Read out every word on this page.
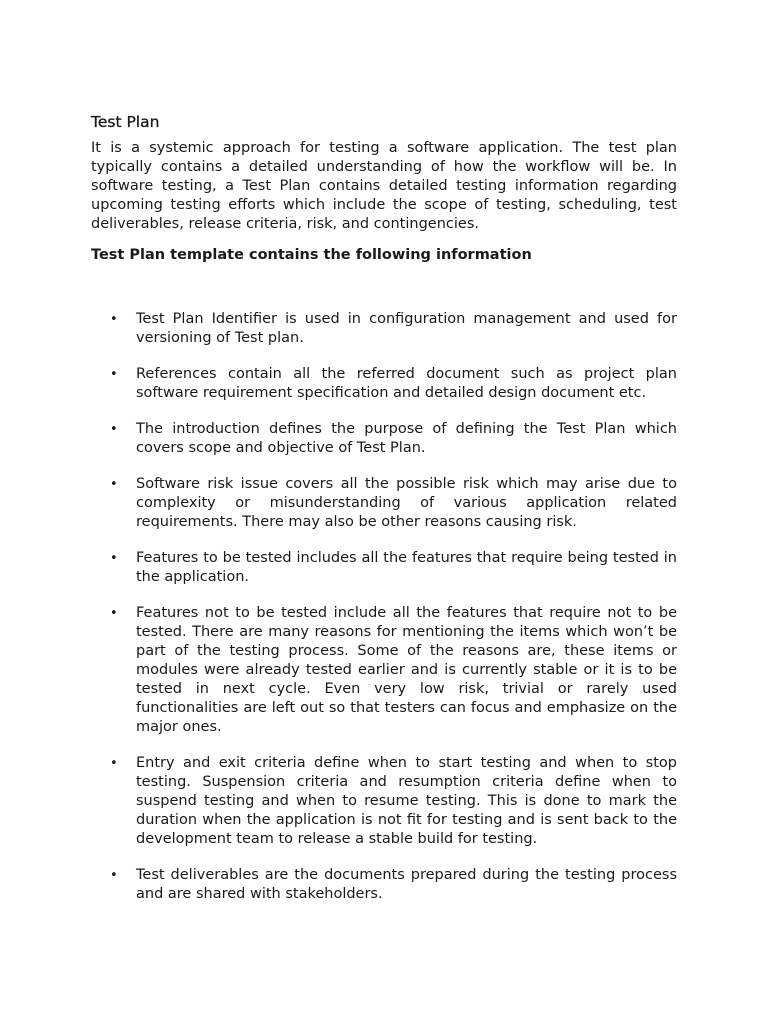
Test Plan

It is a systemic approach for testing a software application. The test plan typically contains a detailed understanding of how the workflow will be. In software testing, a Test Plan contains detailed testing information regarding upcoming testing efforts which include the scope of testing, scheduling, test deliverables, release criteria, risk, and contingencies.

Test Plan template contains the following information

• Test Plan Identifier is used in configuration management and used for versioning of Test plan.
• References contain all the referred document such as project plan software requirement specification and detailed design document etc.
• The introduction defines the purpose of defining the Test Plan which covers scope and objective of Test Plan.
• Software risk issue covers all the possible risk which may arise due to complexity or misunderstanding of various application related requirements. There may also be other reasons causing risk.
• Features to be tested includes all the features that require being tested in the application.
• Features not to be tested include all the features that require not to be tested. There are many reasons for mentioning the items which won’t be part of the testing process. Some of the reasons are, these items or modules were already tested earlier and is currently stable or it is to be tested in next cycle. Even very low risk, trivial or rarely used functionalities are left out so that testers can focus and emphasize on the major ones.
• Entry and exit criteria define when to start testing and when to stop testing. Suspension criteria and resumption criteria define when to suspend testing and when to resume testing. This is done to mark the duration when the application is not fit for testing and is sent back to the development team to release a stable build for testing.
• Test deliverables are the documents prepared during the testing process and are shared with stakeholders.
